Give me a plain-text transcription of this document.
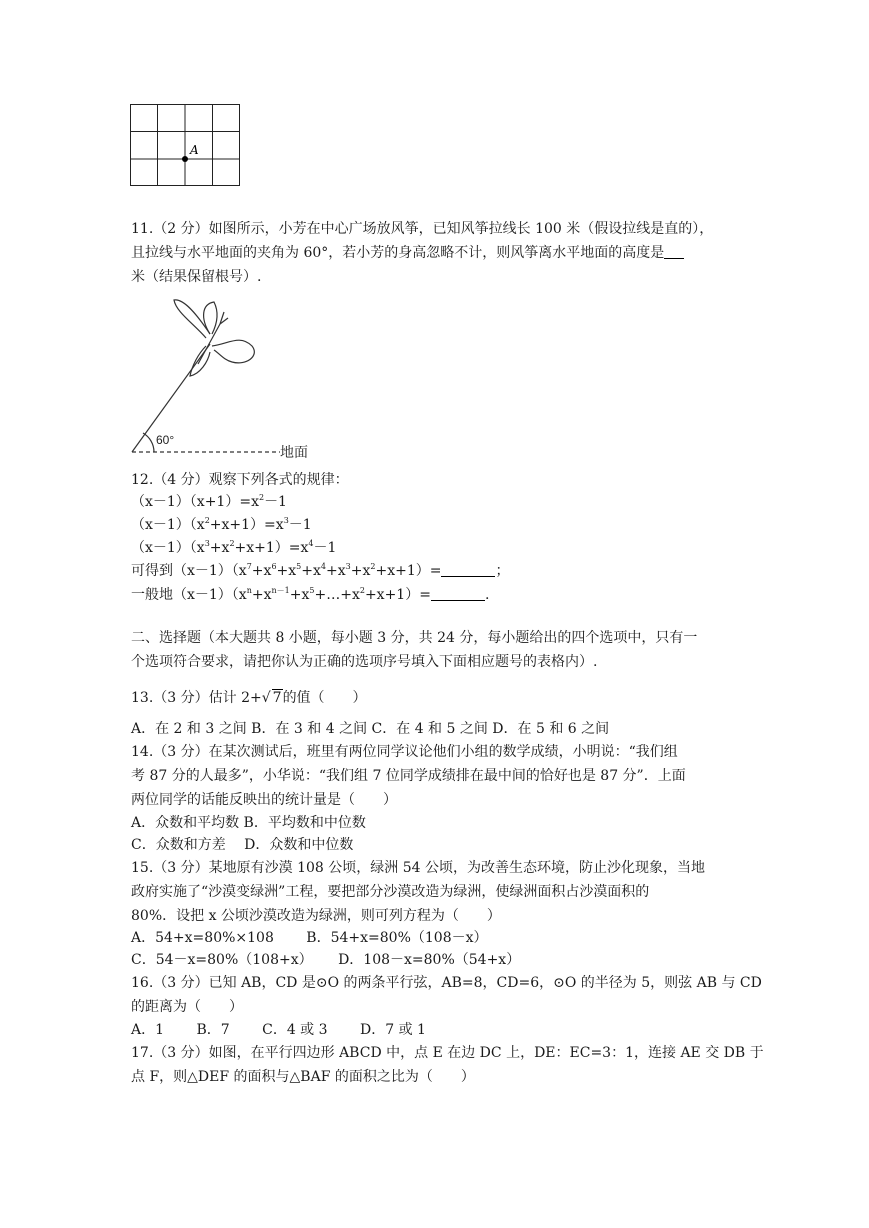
A
11.（2 分）如图所示，小芳在中心广场放风筝，已知风筝拉线长 100 米（假设拉线是直的），
且拉线与水平地面的夹角为 60°，若小芳的身高忽略不计，则风筝离水平地面的高度是
米（结果保留根号）.
60°
地面
12.（4 分）观察下列各式的规律：
$(x-1)(x+1)=x^2-1$
$(x-1)(x^2+x+1)=x^3-1$
$(x-1)(x^3+x^2+x+1)=x^4-1$
可得到$(x-1)(x^7+x^6+x^5+x^4+x^3+x^2+x+1)=$	；
一般地$(x-1)(x^n+x^{n-1}+x^5+\dots+x^2+x+1)=$	.
二、选择题（本大题共 8 小题，每小题 3 分，共 24 分，每小题给出的四个选项中，只有一
个选项符合要求，请把你认为正确的选项序号填入下面相应题号的表格内）.
13.（3 分）估计 2+√ 7的值（　　）
A．在 2 和 3 之间 B．在 3 和 4 之间 C．在 4 和 5 之间 D．在 5 和 6 之间
14.（3 分）在某次测试后，班里有两位同学议论他们小组的数学成绩，小明说：“我们组
考 87 分的人最多”，小华说：“我们组 7 位同学成绩排在最中间的恰好也是 87 分”．上面
两位同学的话能反映出的统计量是（　　）
A．众数和平均数 B．平均数和中位数
C．众数和方差　 D．众数和中位数
15.（3 分）某地原有沙漠 108 公顷，绿洲 54 公顷，为改善生态环境，防止沙化现象，当地
政府实施了“沙漠变绿洲”工程，要把部分沙漠改造为绿洲，使绿洲面积占沙漠面积的
80%．设把 x 公顷沙漠改造为绿洲，则可列方程为（　　）
A．54+x=80%×108　　 B．54+x=80%（108－x）
C．54－x=80%（108+x）　　 D．108－x=80%（54+x）
16.（3 分）已知 AB，CD 是⊙O 的两条平行弦，AB=8，CD=6，⊙O 的半径为 5，则弦 AB 与 CD
的距离为（　　）
A．1　　 B．7　　 C．4 或 3　　 D．7 或 1
17.（3 分）如图，在平行四边形 ABCD 中，点 E 在边 DC 上，DE：EC=3：1，连接 AE 交 DB 于
点 F，则△DEF 的面积与△BAF 的面积之比为（　　）
